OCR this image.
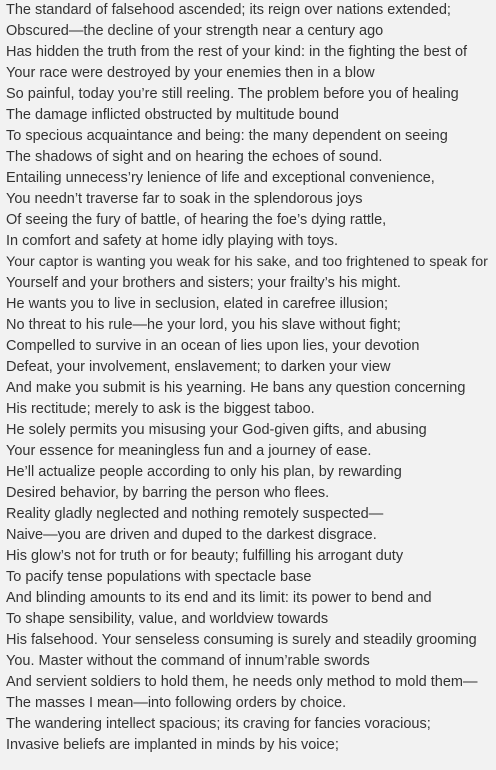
The standard of falsehood ascended; its reign over nations extended;
Obscured—the decline of your strength near a century ago
Has hidden the truth from the rest of your kind: in the fighting the best of
Your race were destroyed by your enemies then in a blow
So painful, today you’re still reeling. The problem before you of healing
The damage inflicted obstructed by multitude bound
To specious acquaintance and being: the many dependent on seeing
The shadows of sight and on hearing the echoes of sound.
Entailing unnecess’ry lenience of life and exceptional convenience,
You needn’t traverse far to soak in the splendorous joys
Of seeing the fury of battle, of hearing the foe’s dying rattle,
In comfort and safety at home idly playing with toys.
Your captor is wanting you weak for his sake, and too frightened to speak for
Yourself and your brothers and sisters; your frailty’s his might.
He wants you to live in seclusion, elated in carefree illusion;
No threat to his rule—he your lord, you his slave without fight;
Compelled to survive in an ocean of lies upon lies, your devotion
Defeat, your involvement, enslavement; to darken your view
And make you submit is his yearning. He bans any question concerning
His rectitude; merely to ask is the biggest taboo.
He solely permits you misusing your God-given gifts, and abusing
Your essence for meaningless fun and a journey of ease.
He’ll actualize people according to only his plan, by rewarding
Desired behavior, by barring the person who flees.
Reality gladly neglected and nothing remotely suspected—
Naive—you are driven and duped to the darkest disgrace.
His glow’s not for truth or for beauty; fulfilling his arrogant duty
To pacify tense populations with spectacle base
And blinding amounts to its end and its limit: its power to bend and
To shape sensibility, value, and worldview towards
His falsehood. Your senseless consuming is surely and steadily grooming
You. Master without the command of innum’rable swords
And servient soldiers to hold them, he needs only method to mold them—
The masses I mean—into following orders by choice.
The wandering intellect spacious; its craving for fancies voracious;
Invasive beliefs are implanted in minds by his voice;
